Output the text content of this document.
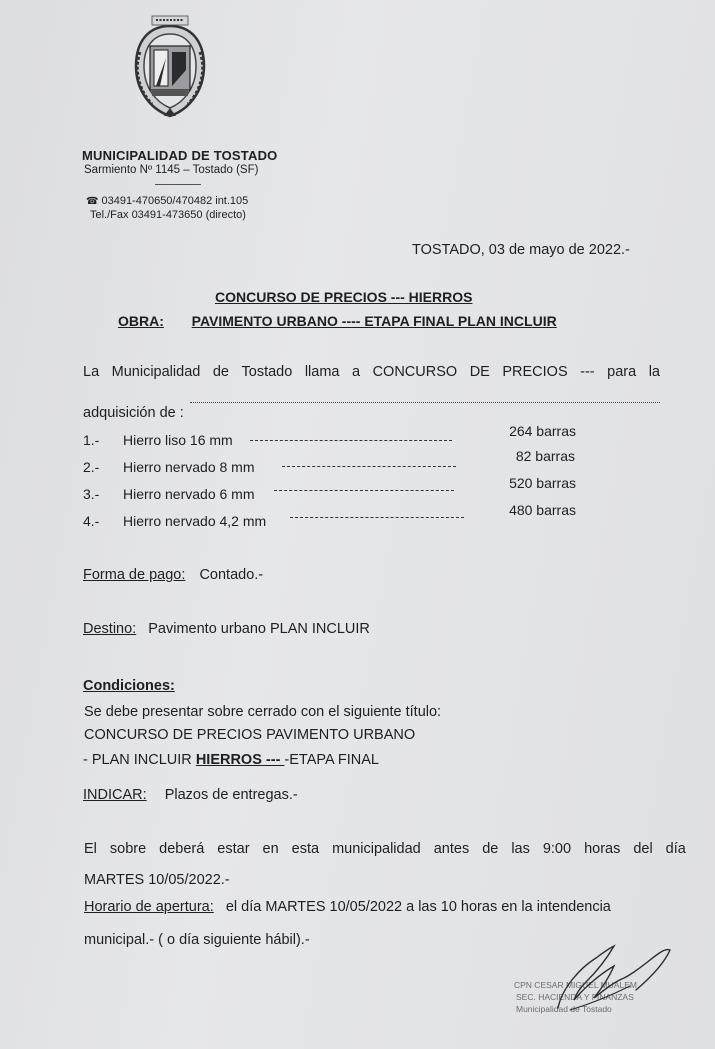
MUNICIPALIDAD DE TOSTADO
Sarmiento Nº 1145 – Tostado (SF)
☎ 03491-470650/470482 int.105
Tel./Fax 03491-473650 (directo)
TOSTADO, 03 de mayo de 2022.-
CONCURSO DE PRECIOS --- HIERROS
OBRA: PAVIMENTO URBANO ---- ETAPA FINAL PLAN INCLUIR
La Municipalidad de Tostado llama a CONCURSO DE PRECIOS --- para la
adquisición de :
1.- Hierro liso 16 mm
264 barras
2.- Hierro nervado 8 mm
82 barras
3.- Hierro nervado 6 mm
520 barras
4.- Hierro nervado 4,2 mm
480 barras
Forma de pago: Contado.-
Destino: Pavimento urbano PLAN INCLUIR
Condiciones:
Se debe presentar sobre cerrado con el siguiente título:
CONCURSO DE PRECIOS PAVIMENTO URBANO
- PLAN INCLUIR HIERROS --- -ETAPA FINAL
INDICAR: Plazos de entregas.-
El sobre deberá estar en esta municipalidad antes de las 9:00 horas del día
MARTES 10/05/2022.-
Horario de apertura: el día MARTES 10/05/2022 a las 10 horas en la intendencia
municipal.- ( o día siguiente hábil).-
CPN CESAR MIGUEL MUALEM
SEC. HACIENDA Y FINANZAS
Municipalidad de Tostado
